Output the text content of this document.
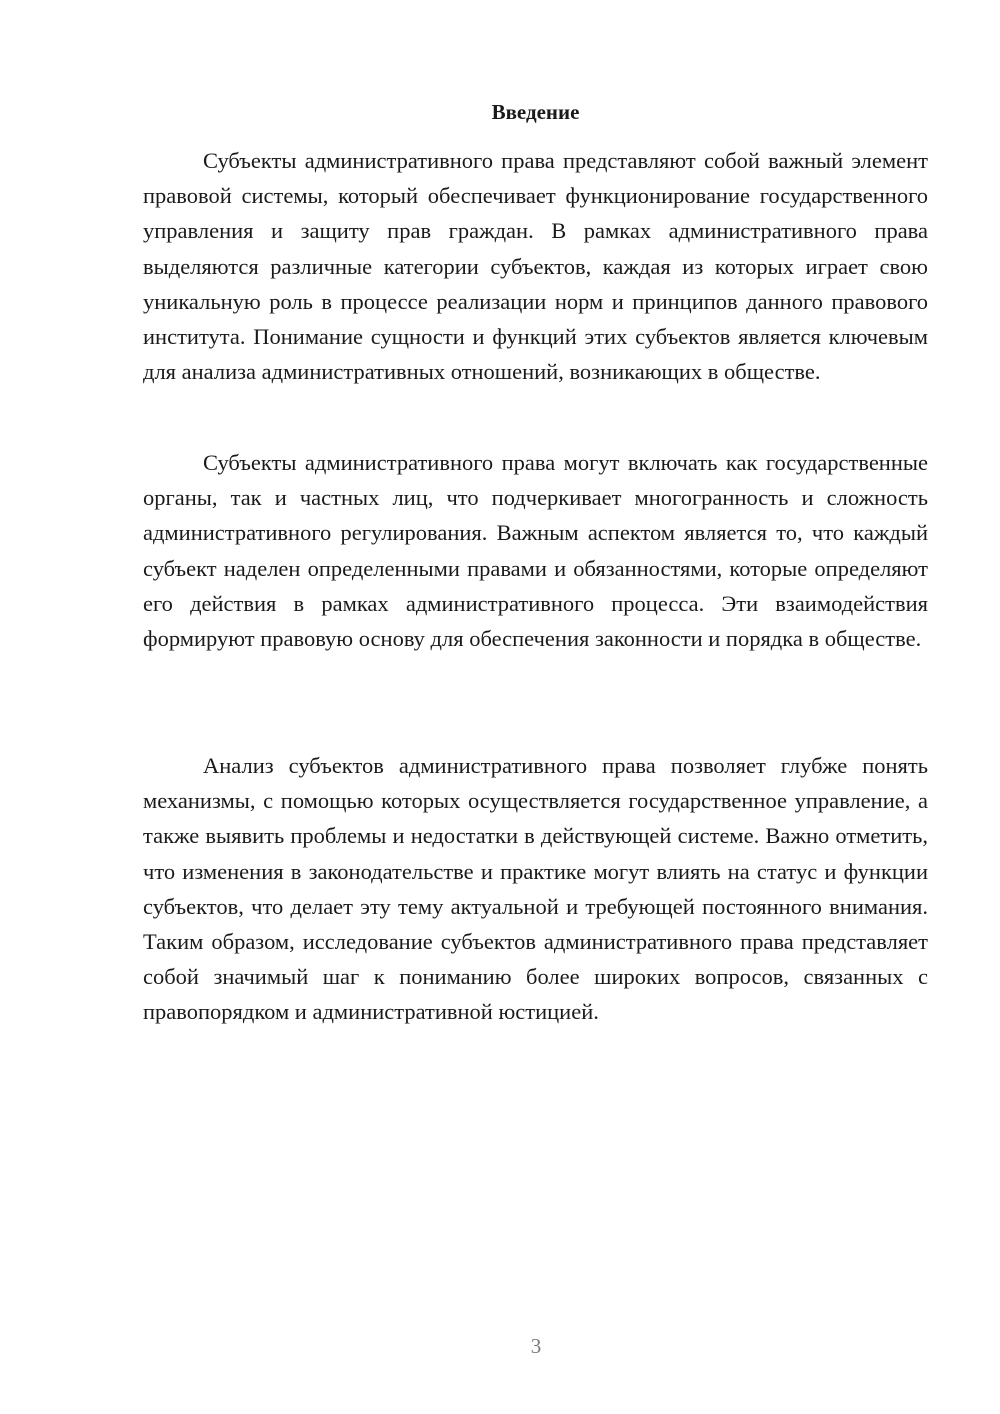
Введение

Субъекты административного права представляют собой важный элемент правовой системы, который обеспечивает функционирование государственного управления и защиту прав граждан. В рамках административного права выделяются различные категории субъектов, каждая из которых играет свою уникальную роль в процессе реализации норм и принципов данного правового института. Понимание сущности и функций этих субъектов является ключевым для анализа административных отношений, возникающих в обществе.

Субъекты административного права могут включать как государственные органы, так и частных лиц, что подчеркивает многогранность и сложность административного регулирования. Важным аспектом является то, что каждый субъект наделен определенными правами и обязанностями, которые определяют его действия в рамках административного процесса. Эти взаимодействия формируют правовую основу для обеспечения законности и порядка в обществе.

Анализ субъектов административного права позволяет глубже понять механизмы, с помощью которых осуществляется государственное управление, а также выявить проблемы и недостатки в действующей системе. Важно отметить, что изменения в законодательстве и практике могут влиять на статус и функции субъектов, что делает эту тему актуальной и требующей постоянного внимания. Таким образом, исследование субъектов административного права представляет собой значимый шаг к пониманию более широких вопросов, связанных с правопорядком и административной юстицией.

3
